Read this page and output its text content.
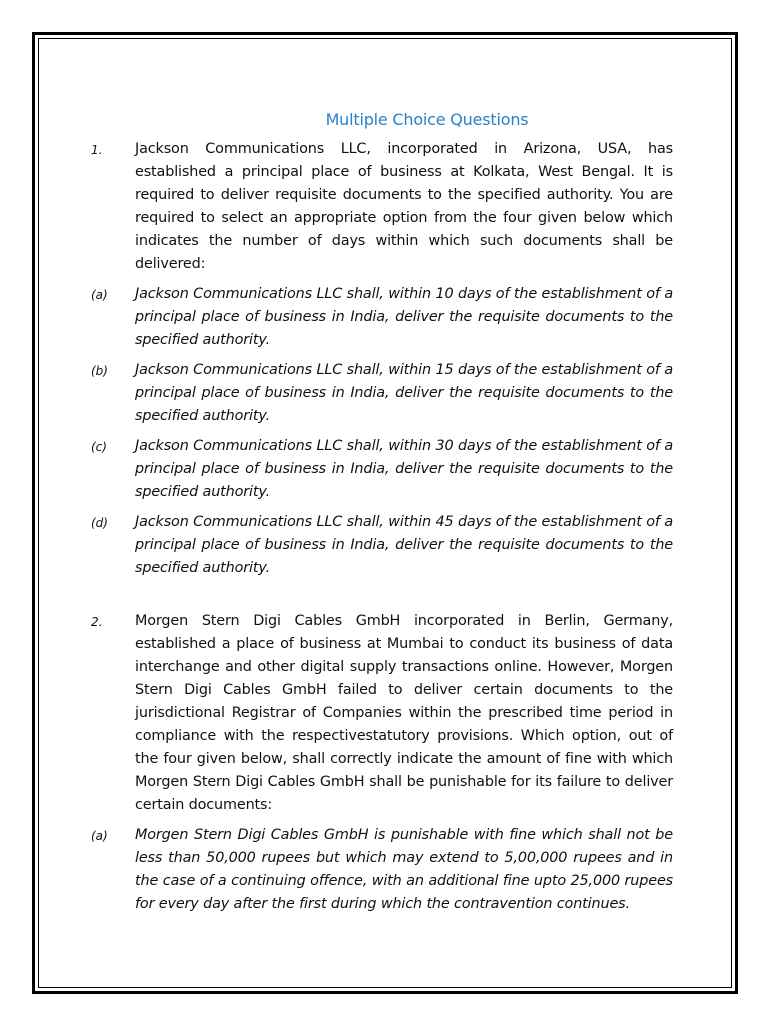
Multiple Choice Questions
1.	Jackson Communications LLC, incorporated in Arizona, USA, has established a principal place of business at Kolkata, West Bengal. It is required to deliver requisite documents to the specified authority. You are required to select an appropriate option from the four given below which indicates the number of days within which such documents shall be delivered:
(a)	Jackson Communications LLC shall, within 10 days of the establishment of a principal place of business in India, deliver the requisite documents to the specified authority.
(b)	Jackson Communications LLC shall, within 15 days of the establishment of a principal place of business in India, deliver the requisite documents to the specified authority.
(c)	Jackson Communications LLC shall, within 30 days of the establishment of a principal place of business in India, deliver the requisite documents to the specified authority.
(d)	Jackson Communications LLC shall, within 45 days of the establishment of a principal place of business in India, deliver the requisite documents to the specified authority.
2.	Morgen Stern Digi Cables GmbH incorporated in Berlin, Germany, established a place of business at Mumbai to conduct its business of data interchange and other digital supply transactions online. However, Morgen Stern Digi Cables GmbH failed to deliver certain documents to the jurisdictional Registrar of Companies within the prescribed time period in compliance with the respectivestatutory provisions. Which option, out of the four given below, shall correctly indicate the amount of fine with which Morgen Stern Digi Cables GmbH shall be punishable for its failure to deliver certain documents:
(a)	Morgen Stern Digi Cables GmbH is punishable with fine which shall not be less than 50,000 rupees but which may extend to 5,00,000 rupees and in the case of a continuing offence, with an additional fine upto 25,000 rupees for every day after the first during which the contravention continues.
